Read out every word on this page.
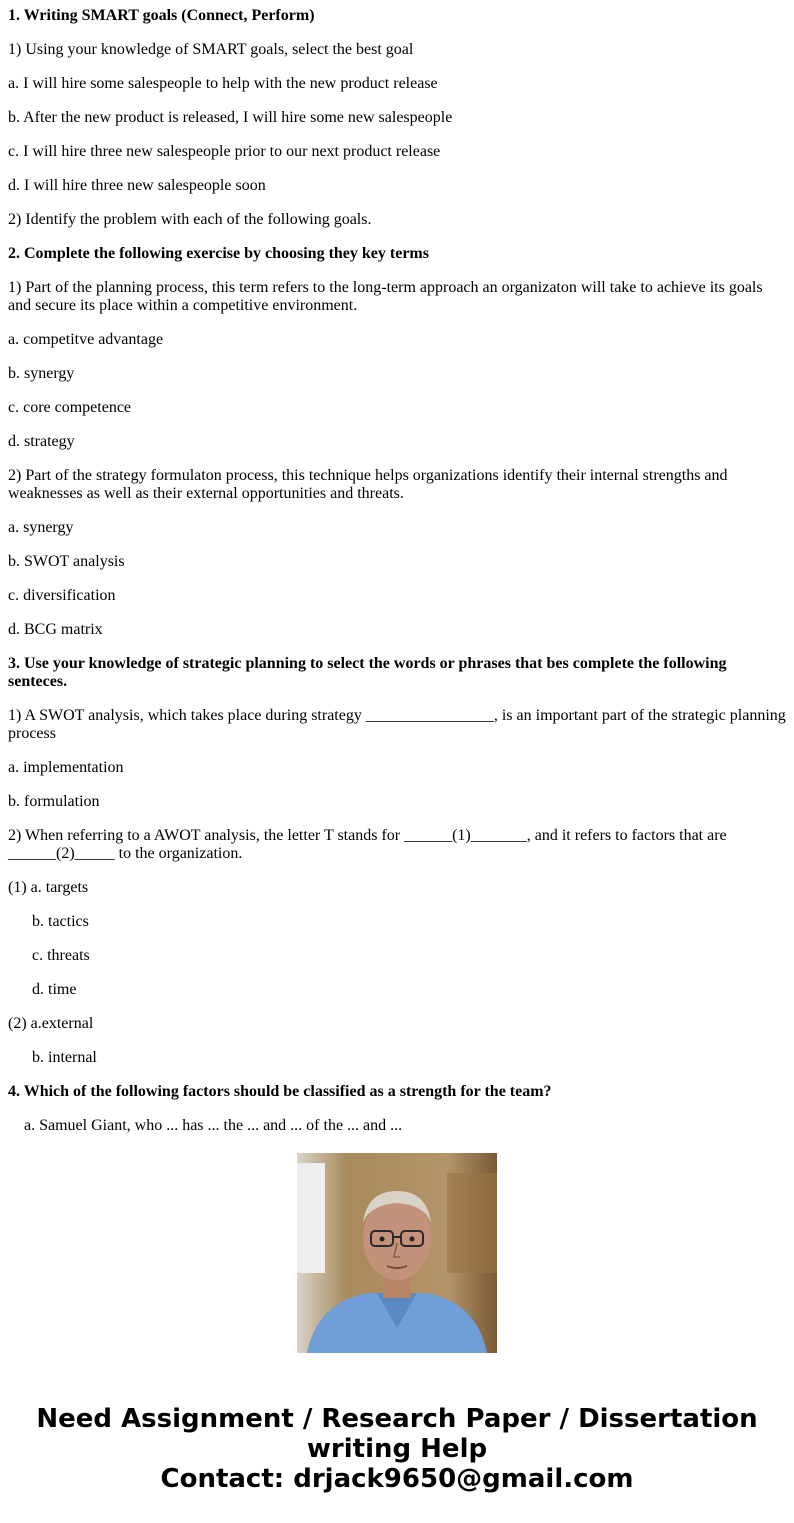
1. Writing SMART goals (Connect, Perform)

1) Using your knowledge of SMART goals, select the best goal

a. I will hire some salespeople to help with the new product release

b. After the new product is released, I will hire some new salespeople

c. I will hire three new salespeople prior to our next product release

d. I will hire three new salespeople soon

2) Identify the problem with each of the following goals.

2. Complete the following exercise by choosing they key terms

1) Part of the planning process, this term refers to the long-term approach an organizaton will take to achieve its goals and secure its place within a competitive environment.

a. competitve advantage

b. synergy

c. core competence

d. strategy

2) Part of the strategy formulaton process, this technique helps organizations identify their internal strengths and weaknesses as well as their external opportunities and threats.

a. synergy

b. SWOT analysis

c. diversification

d. BCG matrix

3. Use your knowledge of strategic planning to select the words or phrases that bes complete the following senteces.

1) A SWOT analysis, which takes place during strategy ________________, is an important part of the strategic planning process

a. implementation

b. formulation

2) When referring to a AWOT analysis, the letter T stands for ______(1)_______, and it refers to factors that are ______(2)_____ to the organization.

(1) a. targets

b. tactics

c. threats

d. time

(2) a.external

b. internal

4. Which of the following factors should be classified as a strength for the team?

a. Samuel Giant, who ... has ... the ... and ... of the ... and ...

Need Assignment / Research Paper / Dissertation
writing Help
Contact: drjack9650@gmail.com
